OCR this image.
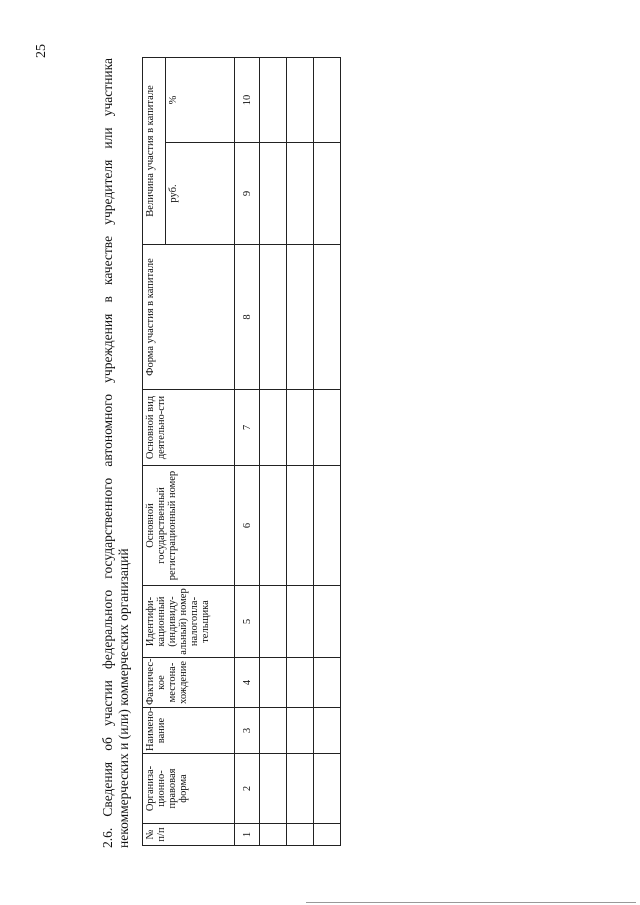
25

2.6. Сведения об участии федерального государственного автономного учреждения в качестве учредителя или участника некоммерческих и (или) коммерческих организаций № п/п	Организа-ционно-правовая форма	Наимено-вание	Фактичес-кое местона-хождение	Идентифи-кационный (индивиду-альный) номер налогопла-тельщика	Основной государственный регистрационный номер	Основной вид деятельно-сти	Форма участия в капитале	Величина участия в капитале	
								руб.	%
1	2	3	4	5	6	7	8	9	10
